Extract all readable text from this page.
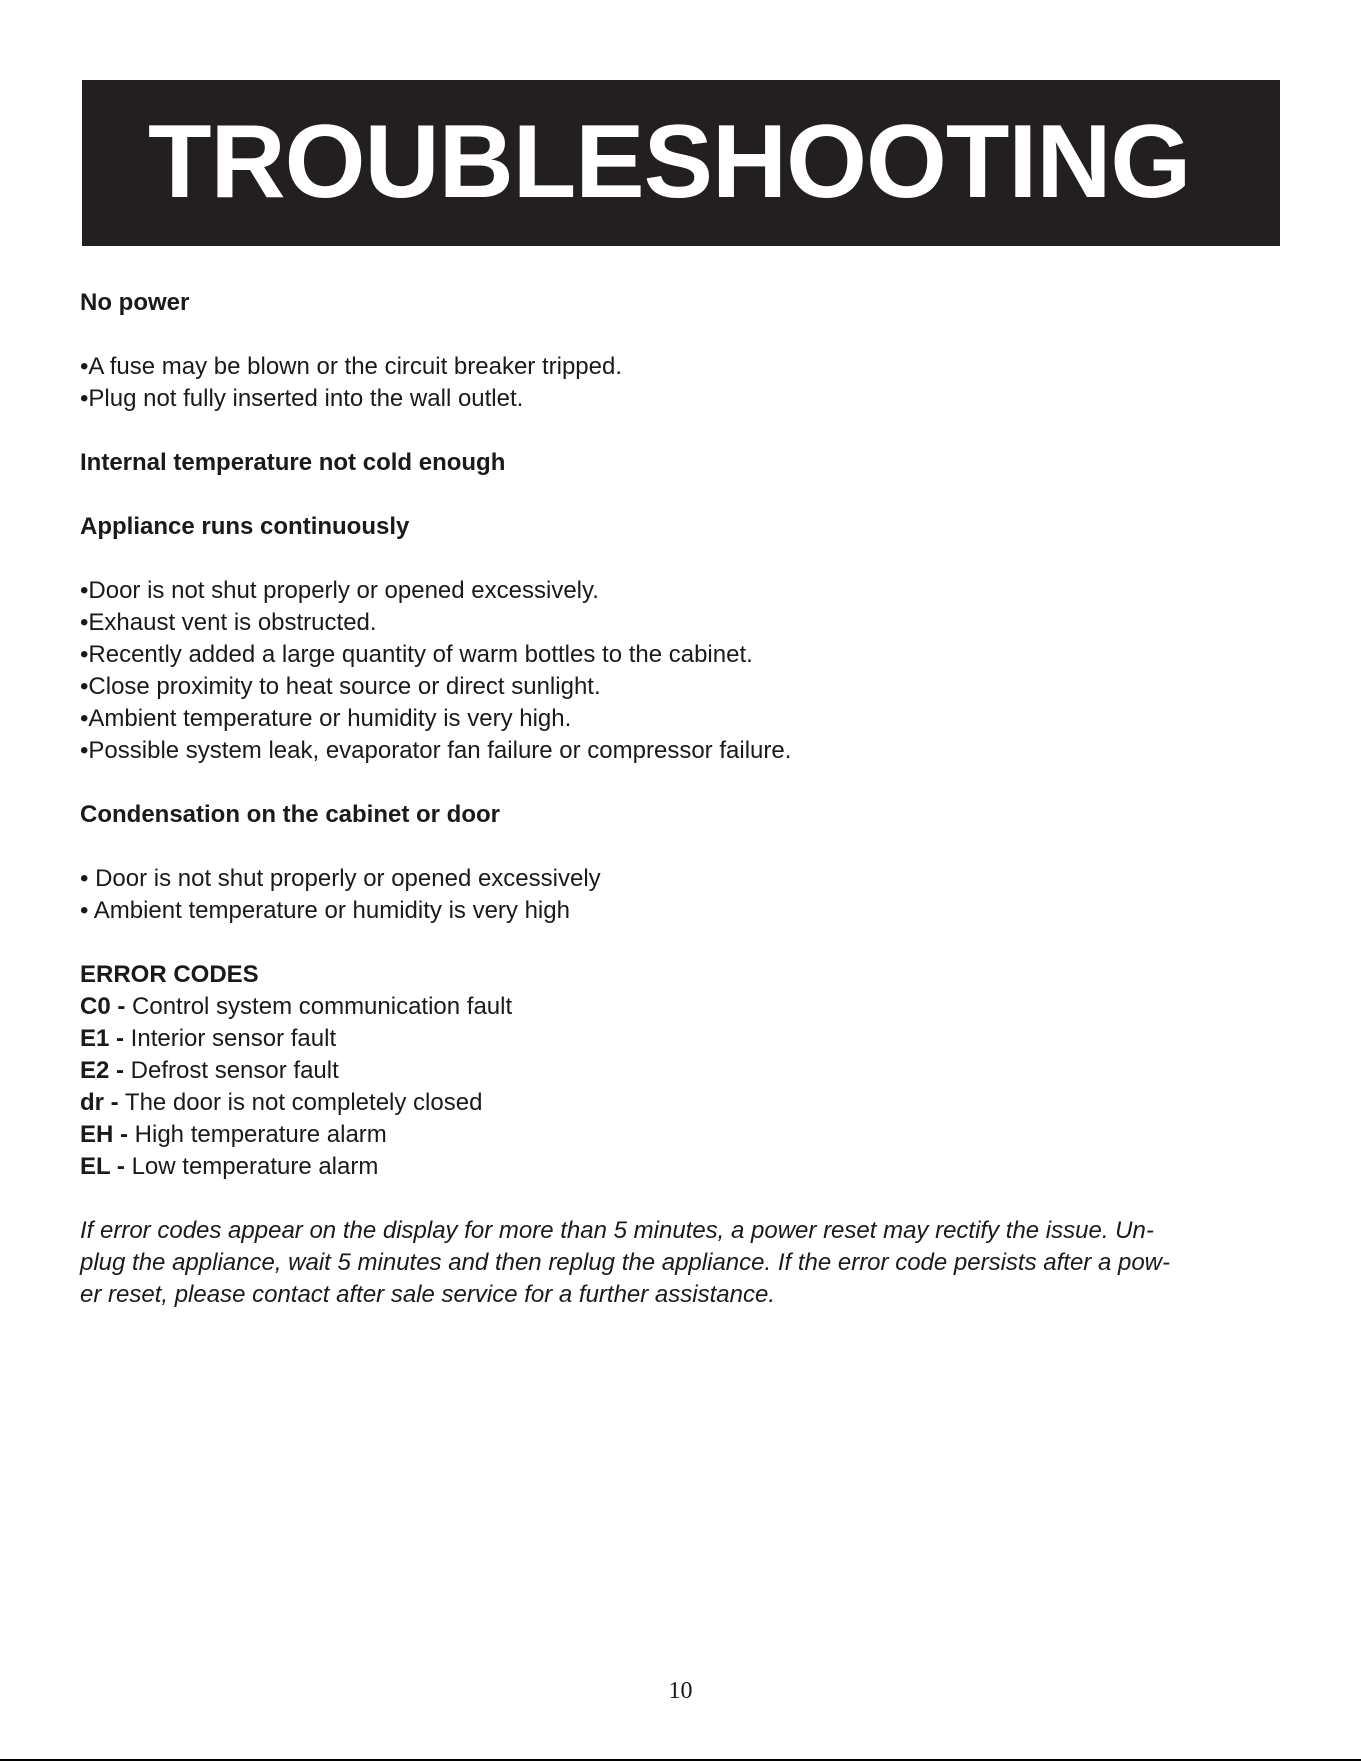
TROUBLESHOOTING

No power

•A fuse may be blown or the circuit breaker tripped.

•Plug not fully inserted into the wall outlet.

Internal temperature not cold enough

Appliance runs continuously

•Door is not shut properly or opened excessively.

•Exhaust vent is obstructed.

•Recently added a large quantity of warm bottles to the cabinet.

•Close proximity to heat source or direct sunlight.

•Ambient temperature or humidity is very high.

•Possible system leak, evaporator fan failure or compressor failure.

Condensation on the cabinet or door

• Door is not shut properly or opened excessively

• Ambient temperature or humidity is very high

ERROR CODES

C0 - Control system communication fault

E1 - Interior sensor fault

E2 - Defrost sensor fault

dr - The door is not completely closed

EH - High temperature alarm

EL - Low temperature alarm

If error codes appear on the display for more than 5 minutes, a power reset may rectify the issue. Un-

plug the appliance, wait 5 minutes and then replug the appliance. If the error code persists after a pow-

er reset, please contact after sale service for a further assistance.

10
